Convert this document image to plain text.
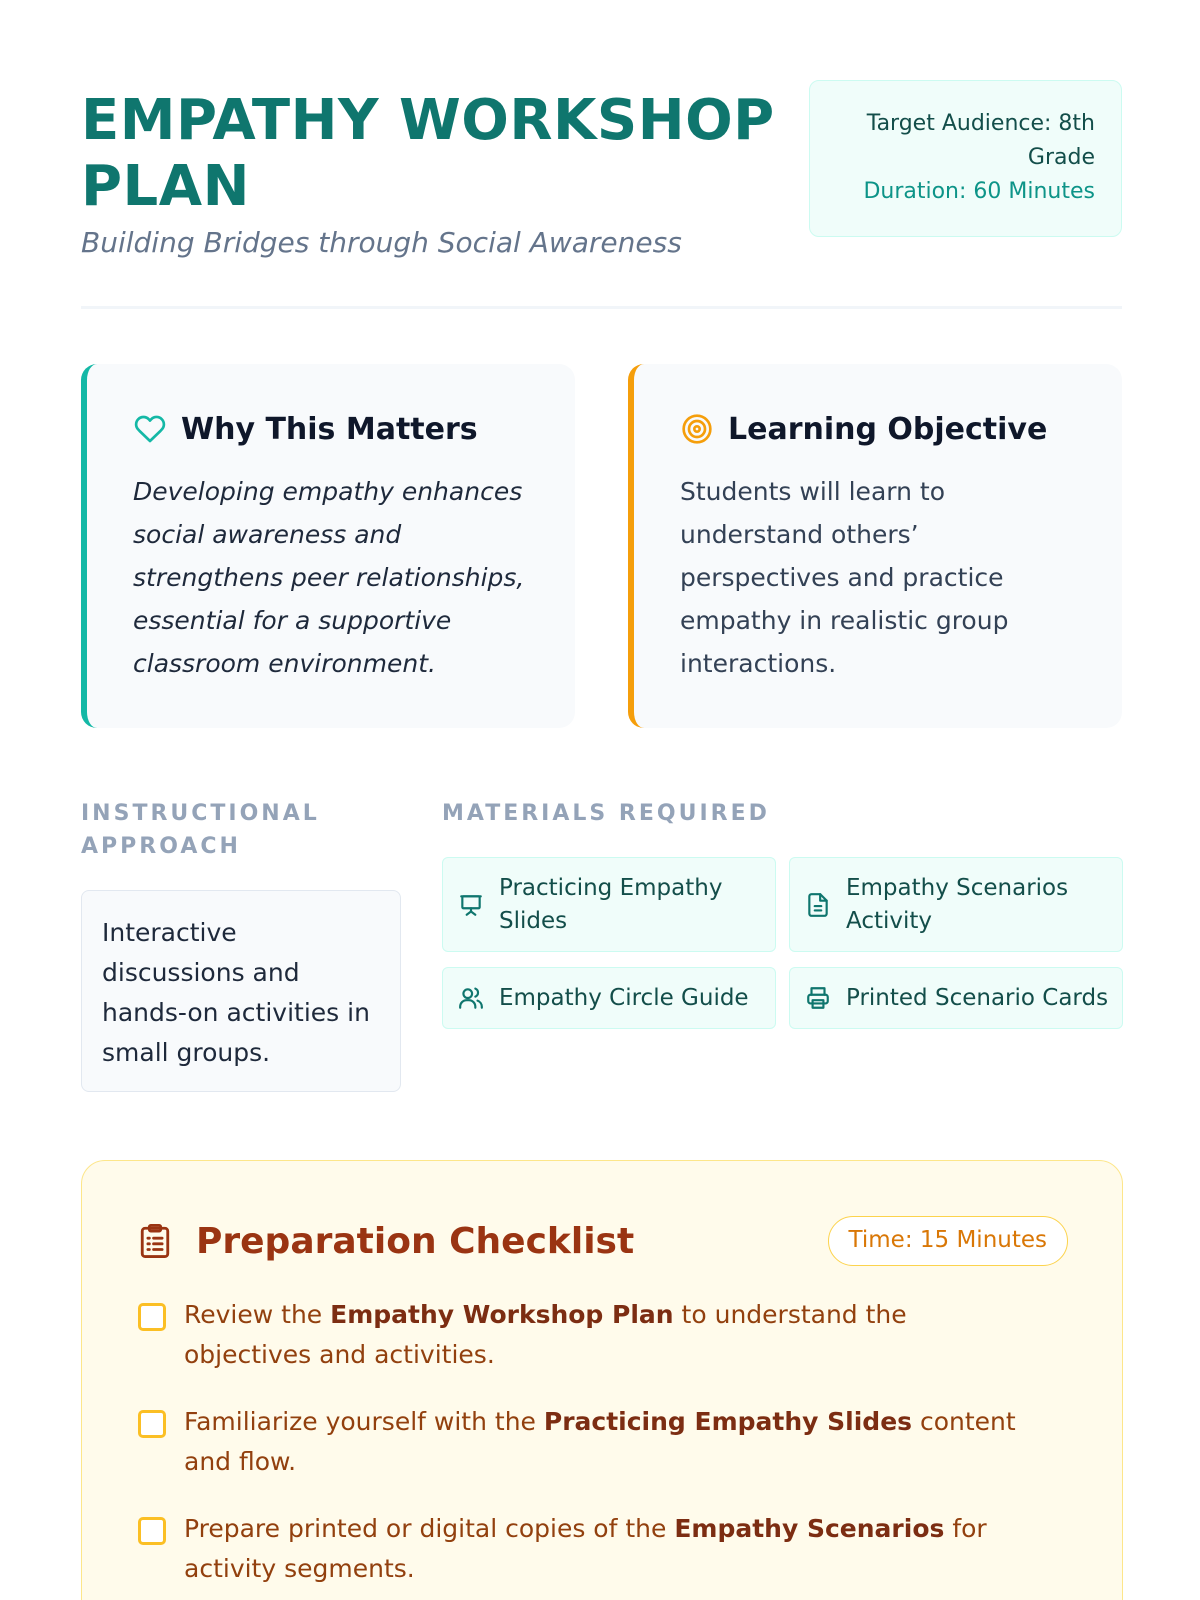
EMPATHY WORKSHOP PLAN

Building Bridges through Social Awareness

Target Audience: 8th Grade
Duration: 60 Minutes
Why This Matters

Developing empathy enhances social awareness and strengthens peer relationships, essential for a supportive classroom environment.

Learning Objective

Students will learn to understand others’ perspectives and practice empathy in realistic group interactions.

INSTRUCTIONAL APPROACH
Interactive discussions and hands-on activities in small groups.
MATERIALS REQUIRED
Practicing Empathy Slides
Empathy Scenarios Activity
Empathy Circle Guide	Printed Scenario Cards
Preparation Checklist	Time: 15 Minutes
Review the Empathy Workshop Plan to understand the objectives and activities.
Familiarize yourself with the Practicing Empathy Slides content and flow.
Prepare printed or digital copies of the Empathy Scenarios for activity segments.
